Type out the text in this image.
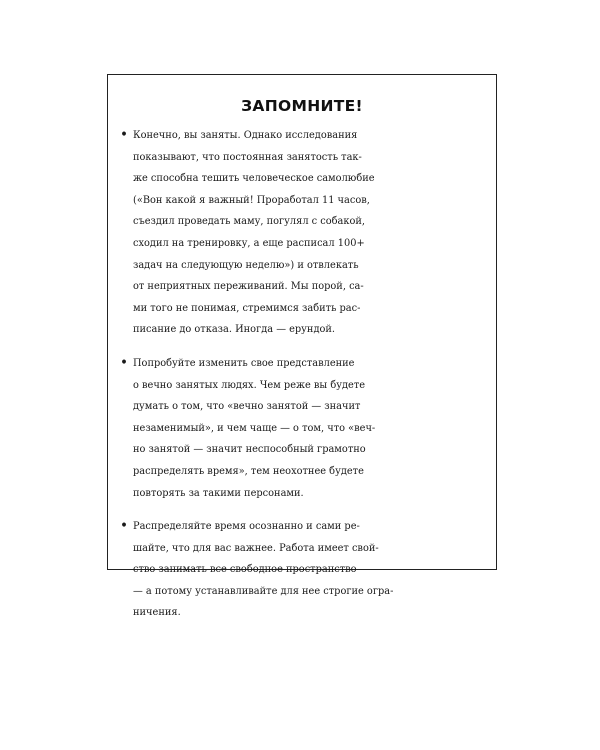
ЗАПОМНИТЕ!
• Конечно, вы заняты. Однако исследования
показывают, что постоянная занятость так-
же способна тешить человеческое самолюбие
(«Вон какой я важный! Проработал 11 часов,
съездил проведать маму, погулял с собакой,
сходил на тренировку, а еще расписал 100+
задач на следующую неделю») и отвлекать
от неприятных переживаний. Мы порой, са-
ми того не понимая, стремимся забить рас-
писание до отказа. Иногда — ерундой.
• Попробуйте изменить свое представление
о вечно занятых людях. Чем реже вы будете
думать о том, что «вечно занятой — значит
незаменимый», и чем чаще — о том, что «веч-
но занятой — значит неспособный грамотно
распределять время», тем неохотнее будете
повторять за такими персонами.
• Распределяйте время осознанно и сами ре-
шайте, что для вас важнее. Работа имеет свой-
ство занимать все свободное пространство
— а потому устанавливайте для нее строгие огра-
ничения.
